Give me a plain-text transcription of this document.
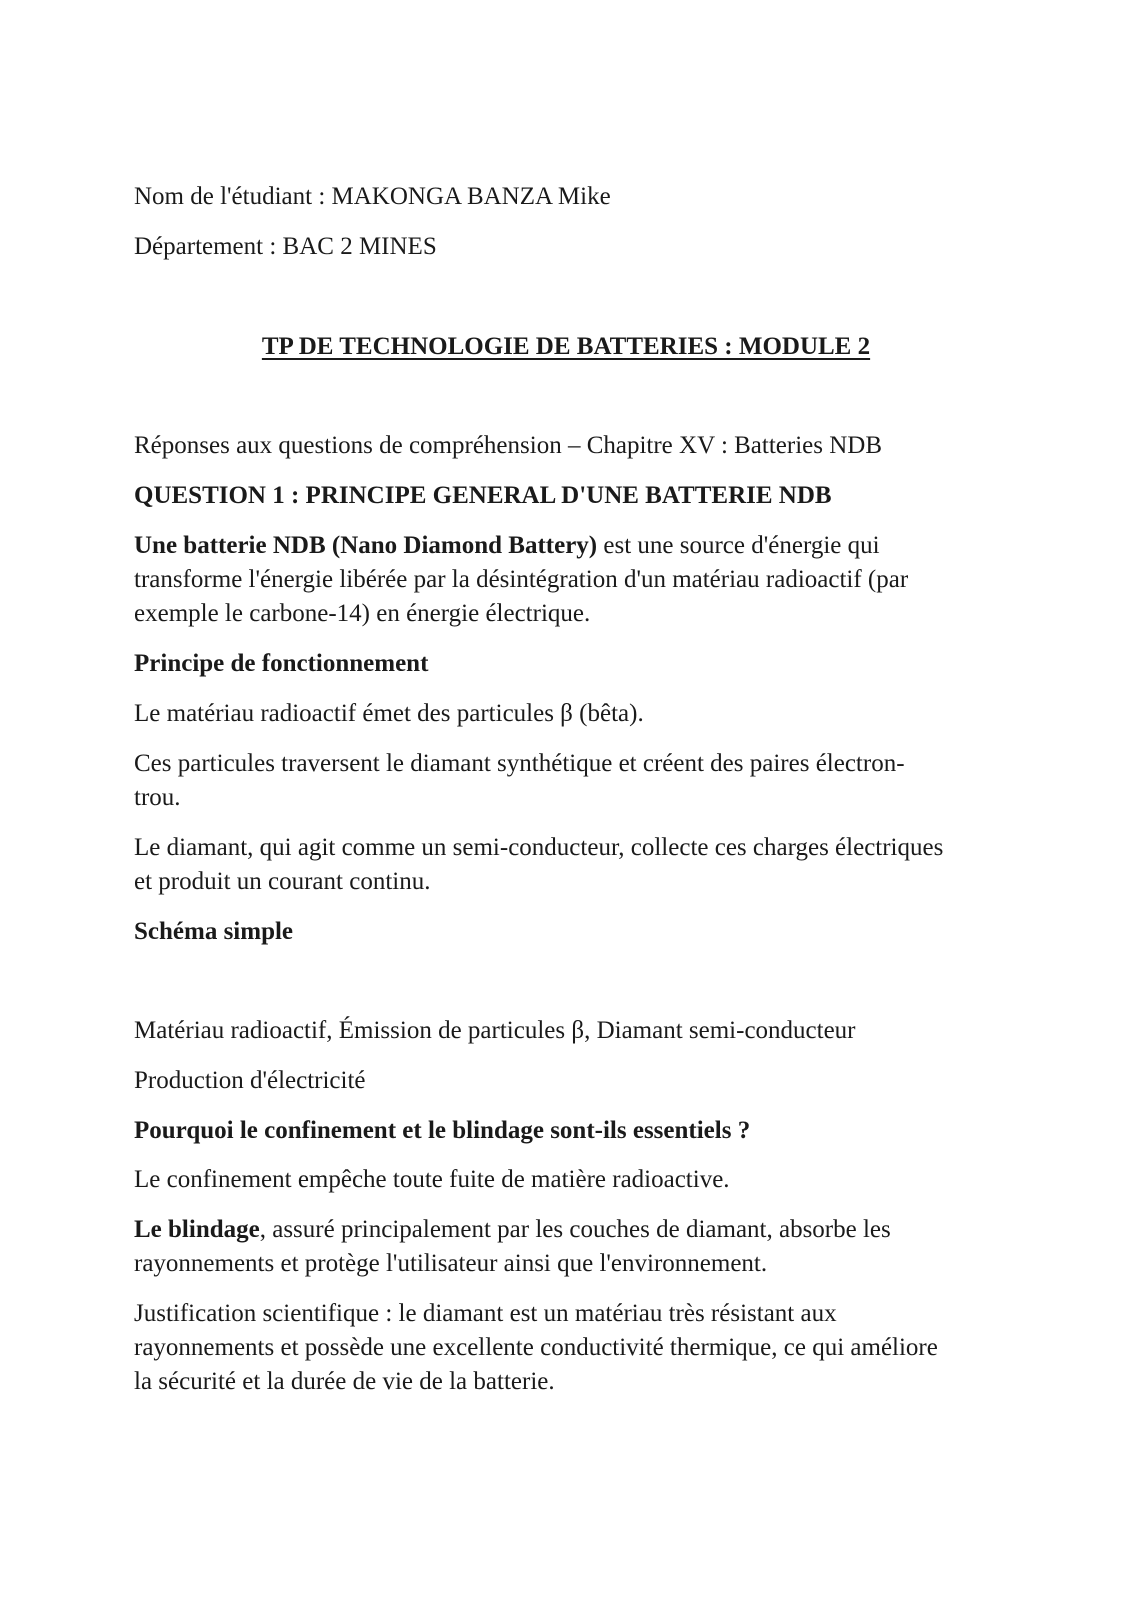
Nom de l'étudiant : MAKONGA BANZA Mike

Département : BAC 2 MINES

TP DE TECHNOLOGIE DE BATTERIES : MODULE 2

Réponses aux questions de compréhension – Chapitre XV : Batteries NDB

QUESTION 1 : PRINCIPE GENERAL D'UNE BATTERIE NDB

Une batterie NDB (Nano Diamond Battery) est une source d'énergie qui

transforme l'énergie libérée par la désintégration d'un matériau radioactif (par

exemple le carbone-14) en énergie électrique.

Principe de fonctionnement

Le matériau radioactif émet des particules β (bêta).

Ces particules traversent le diamant synthétique et créent des paires électron-

trou.

Le diamant, qui agit comme un semi-conducteur, collecte ces charges électriques

et produit un courant continu.

Schéma simple

Matériau radioactif, Émission de particules β, Diamant semi-conducteur

Production d'électricité

Pourquoi le confinement et le blindage sont-ils essentiels ?

Le confinement empêche toute fuite de matière radioactive.

Le blindage, assuré principalement par les couches de diamant, absorbe les

rayonnements et protège l'utilisateur ainsi que l'environnement.

Justification scientifique : le diamant est un matériau très résistant aux

rayonnements et possède une excellente conductivité thermique, ce qui améliore

la sécurité et la durée de vie de la batterie.
